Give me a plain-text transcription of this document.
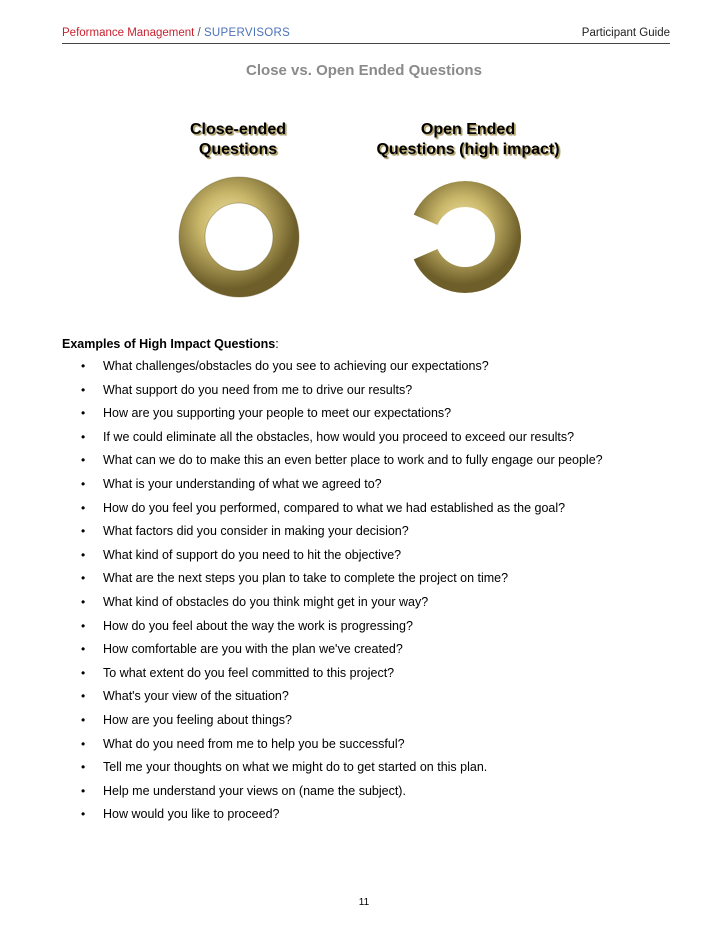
Peformance Management / SUPERVISORS	Participant Guide
Close vs. Open Ended Questions
Close-ended
Questions
Open Ended
Questions (high impact)
Examples of High Impact Questions:
• What challenges/obstacles do you see to achieving our expectations?
• What support do you need from me to drive our results?
• How are you supporting your people to meet our expectations?
• If we could eliminate all the obstacles, how would you proceed to exceed our results?
• What can we do to make this an even better place to work and to fully engage our people?
• What is your understanding of what we agreed to?
• How do you feel you performed, compared to what we had established as the goal?
• What factors did you consider in making your decision?
• What kind of support do you need to hit the objective?
• What are the next steps you plan to take to complete the project on time?
• What kind of obstacles do you think might get in your way?
• How do you feel about the way the work is progressing?
• How comfortable are you with the plan we've created?
• To what extent do you feel committed to this project?
• What's your view of the situation?
• How are you feeling about things?
• What do you need from me to help you be successful?
• Tell me your thoughts on what we might do to get started on this plan.
• Help me understand your views on (name the subject).
• How would you like to proceed?
11
